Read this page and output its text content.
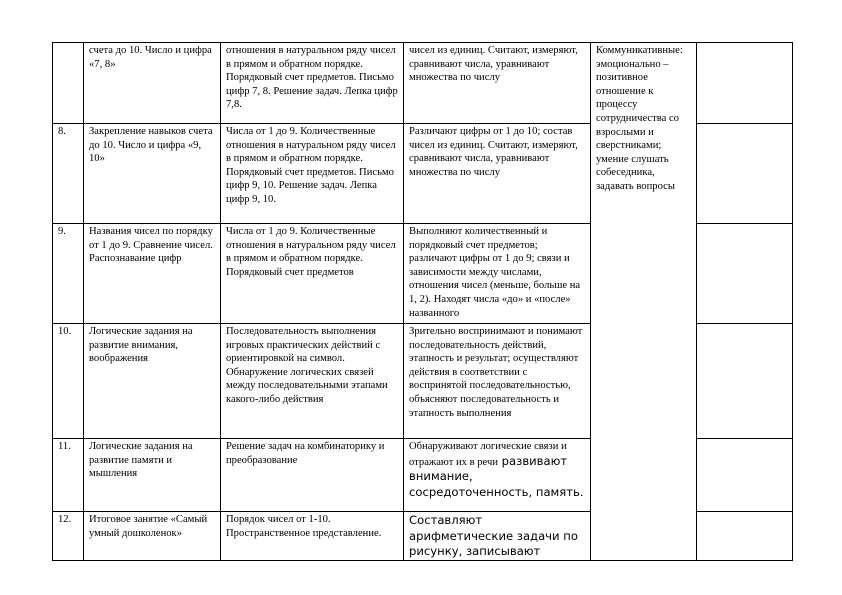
	счета до 10. Число и цифра «7, 8»	отношения в натуральном ряду чисел в прямом и обратном порядке. Порядковый счет предметов. Письмо цифр 7, 8. Решение задач. Лепка цифр 7,8.	чисел из единиц. Считают, измеряют, сравнивают числа, уравнивают множества по числу	Коммуникативные: эмоционально – позитивное отношение к процессу сотрудничества со взрослыми и сверстниками; умение слушать собеседника, задавать вопросы	
8.	Закрепление навыков счета до 10. Число и цифра «9, 10»	Числа от 1 до 9. Количественные отношения в натуральном ряду чисел в прямом и обратном порядке. Порядковый счет предметов. Письмо цифр 9, 10. Решение задач. Лепка цифр 9, 10.	Различают цифры от 1 до 10; состав чисел из единиц. Считают, измеряют, сравнивают числа, уравнивают множества по числу		
9.	Названия чисел по порядку от 1 до 9. Сравнение чисел. Распознавание цифр	Числа от 1 до 9. Количественные отношения в натуральном ряду чисел в прямом и обратном порядке. Порядковый счет предметов	Выполняют количественный и порядковый счет предметов; различают цифры от 1 до 9; связи и зависимости между числами, отношения чисел (меньше, больше на 1, 2). Находят числа «до» и «после» названного		
10.	Логические задания на развитие внимания, воображения	Последовательность выполнения игровых практических действий с ориентировкой на символ. Обнаружение логических связей между последовательными этапами какого-либо действия	Зрительно воспринимают и понимают последовательность действий, этапность и результат; осуществляют действия в соответствии с воспринятой последовательностью, объясняют последовательность и этапность выполнения		
11.	Логические задания на развитие памяти и мышления	Решение задач на комбинаторику и преобразование	Обнаруживают логические связи и отражают их в речи развивают внимание, сосредоточенность, память.		
12.	Итоговое занятие «Самый умный дошколенок»	Порядок чисел от 1-10. Пространственное представление.	Составляют арифметические задачи по рисунку, записывают		
